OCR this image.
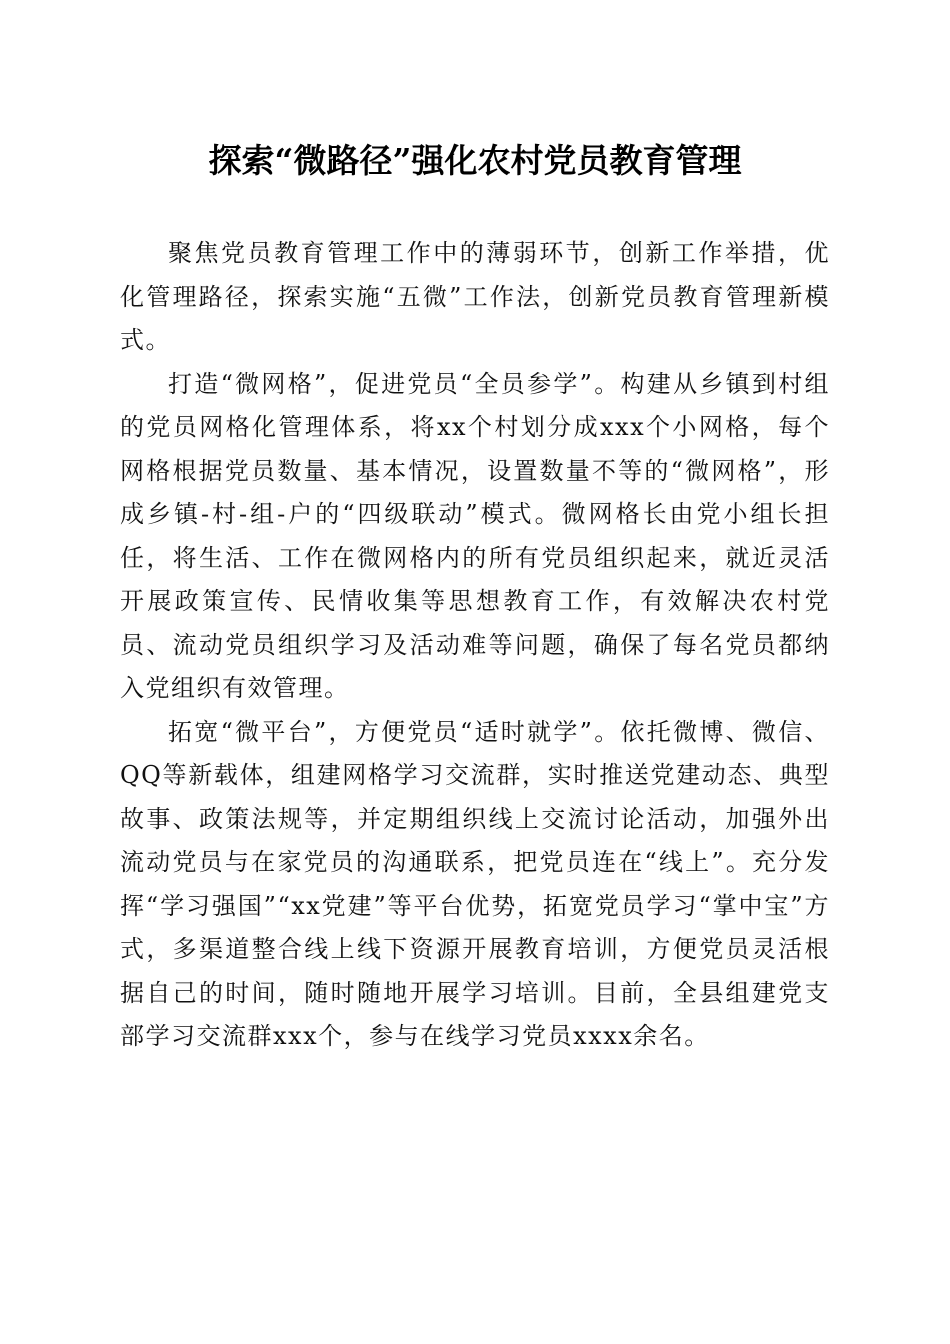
探索“微路径”强化农村党员教育管理

聚焦党员教育管理工作中的薄弱环节，创新工作举措，优化管理路径，探索实施“五微”工作法，创新党员教育管理新模式。

打造“微网格”，促进党员“全员参学”。构建从乡镇到村组的党员网格化管理体系，将xx个村划分成xxx个小网格，每个网格根据党员数量、基本情况，设置数量不等的“微网格”，形成乡镇-村-组-户的“四级联动”模式。微网格长由党小组长担任，将生活、工作在微网格内的所有党员组织起来，就近灵活开展政策宣传、民情收集等思想教育工作，有效解决农村党员、流动党员组织学习及活动难等问题，确保了每名党员都纳入党组织有效管理。

拓宽“微平台”，方便党员“适时就学”。依托微博、微信、QQ等新载体，组建网格学习交流群，实时推送党建动态、典型故事、政策法规等，并定期组织线上交流讨论活动，加强外出流动党员与在家党员的沟通联系，把党员连在“线上”。充分发挥“学习强国”“xx党建”等平台优势，拓宽党员学习“掌中宝”方式，多渠道整合线上线下资源开展教育培训，方便党员灵活根据自己的时间，随时随地开展学习培训。目前，全县组建党支部学习交流群xxx个，参与在线学习党员xxxx余名。
